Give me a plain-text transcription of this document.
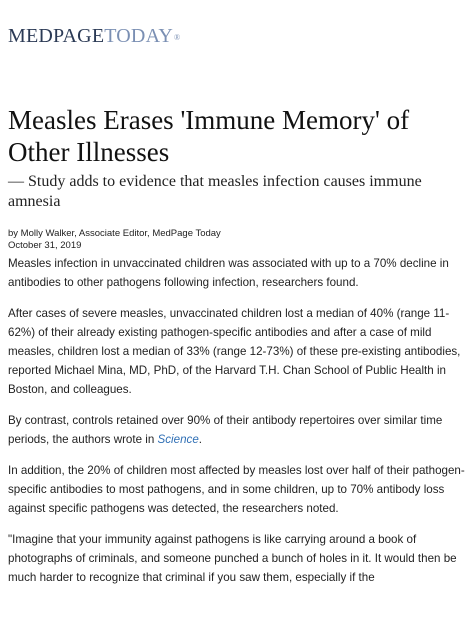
MEDPAGETODAY®
Measles Erases 'Immune Memory' of Other Illnesses

— Study adds to evidence that measles infection causes immune amnesia

by Molly Walker, Associate Editor, MedPage Today
October 31, 2019

Measles infection in unvaccinated children was associated with up to a 70% decline in antibodies to other pathogens following infection, researchers found.

After cases of severe measles, unvaccinated children lost a median of 40% (range 11-62%) of their already existing pathogen-specific antibodies and after a case of mild measles, children lost a median of 33% (range 12-73%) of these pre-existing antibodies, reported Michael Mina, MD, PhD, of the Harvard T.H. Chan School of Public Health in Boston, and colleagues.

By contrast, controls retained over 90% of their antibody repertoires over similar time periods, the authors wrote in Science.

In addition, the 20% of children most affected by measles lost over half of their pathogen-specific antibodies to most pathogens, and in some children, up to 70% antibody loss against specific pathogens was detected, the researchers noted.

"Imagine that your immunity against pathogens is like carrying around a book of photographs of criminals, and someone punched a bunch of holes in it. It would then be much harder to recognize that criminal if you saw them, especially if the
